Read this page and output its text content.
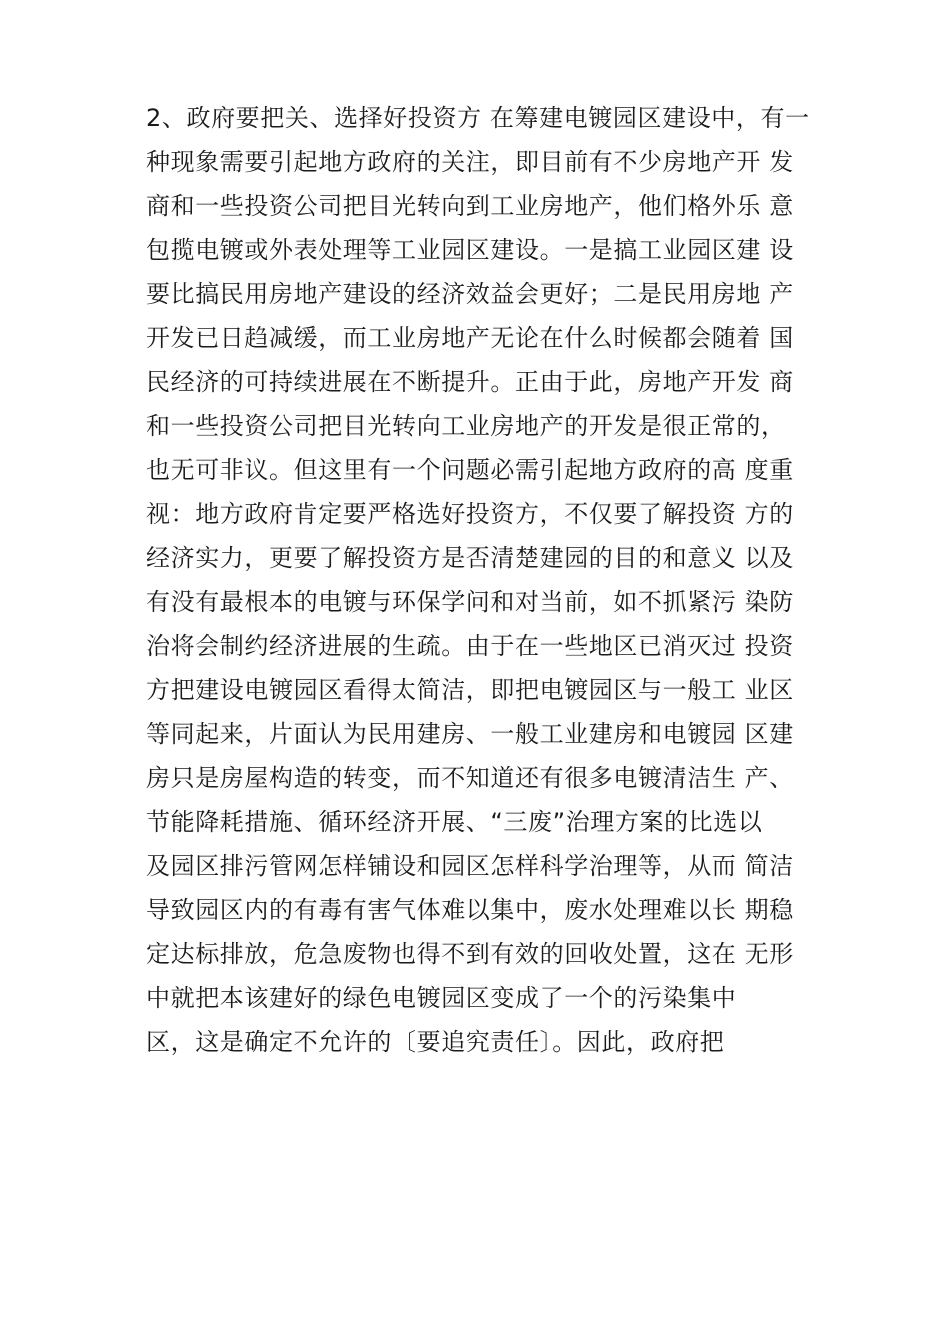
2、政府要把关、选择好投资方 在筹建电镀园区建设中，有一
种现象需要引起地方政府的关注，即目前有不少房地产开 发
商和一些投资公司把目光转向到工业房地产，他们格外乐 意
包揽电镀或外表处理等工业园区建设。一是搞工业园区建 设
要比搞民用房地产建设的经济效益会更好；二是民用房地 产
开发已日趋减缓，而工业房地产无论在什么时候都会随着 国
民经济的可持续进展在不断提升。正由于此，房地产开发 商
和一些投资公司把目光转向工业房地产的开发是很正常的，
也无可非议。但这里有一个问题必需引起地方政府的高 度重
视：地方政府肯定要严格选好投资方，不仅要了解投资 方的
经济实力，更要了解投资方是否清楚建园的目的和意义 以及
有没有最根本的电镀与环保学问和对当前，如不抓紧污 染防
治将会制约经济进展的生疏。由于在一些地区已消灭过 投资
方把建设电镀园区看得太简洁，即把电镀园区与一般工 业区
等同起来，片面认为民用建房、一般工业建房和电镀园 区建
房只是房屋构造的转变，而不知道还有很多电镀清洁生 产、
节能降耗措施、循环经济开展、“三废”治理方案的比选以
及园区排污管网怎样铺设和园区怎样科学治理等，从而 简洁
导致园区内的有毒有害气体难以集中，废水处理难以长 期稳
定达标排放，危急废物也得不到有效的回收处置，这在 无形
中就把本该建好的绿色电镀园区变成了一个的污染集中
区，这是确定不允许的〔要追究责任〕。因此，政府把
